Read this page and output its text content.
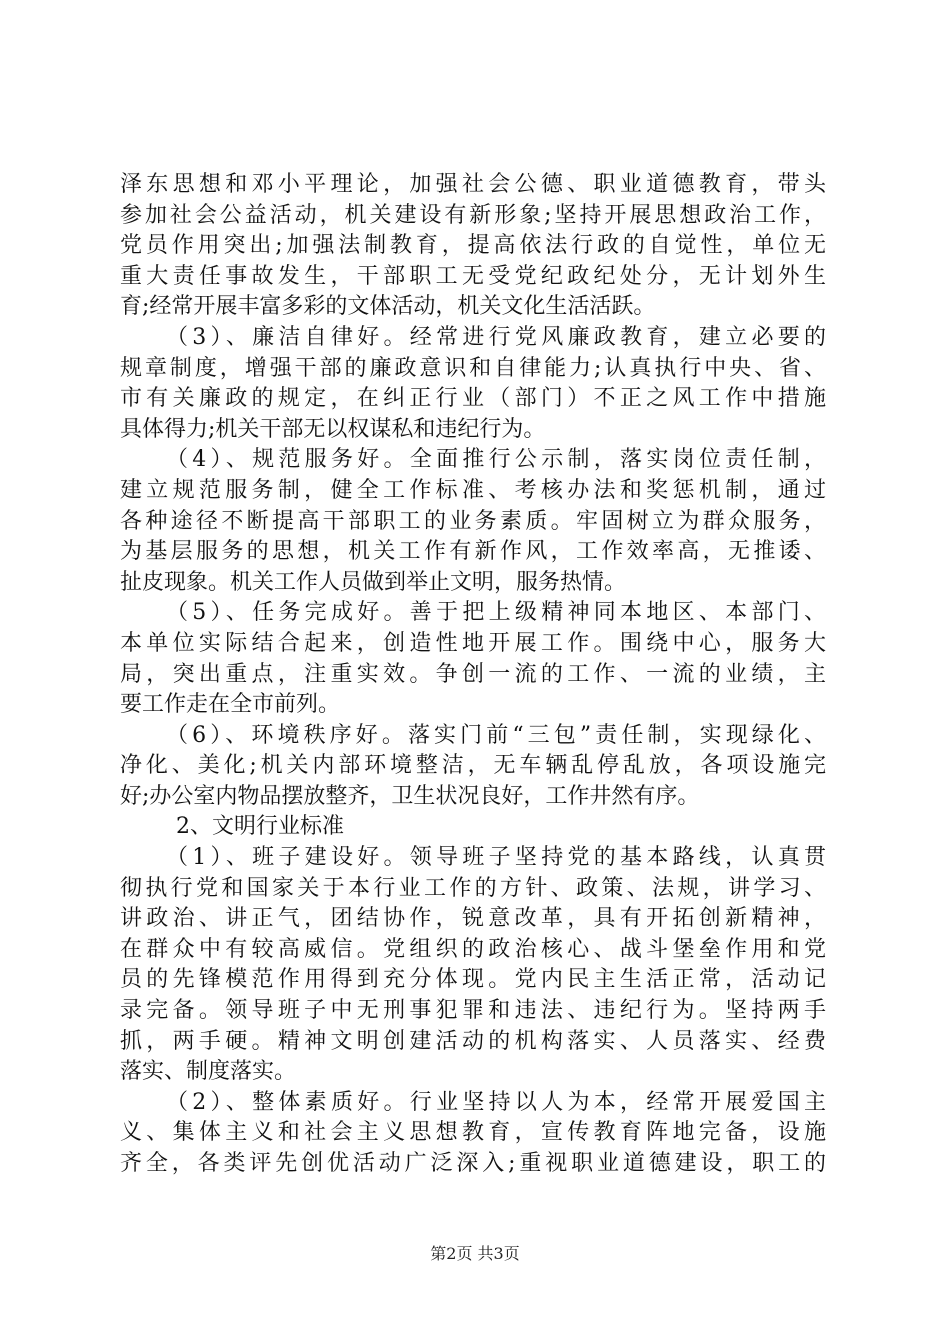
泽东思想和邓小平理论，加强社会公德、职业道德教育，带头
参加社会公益活动，机关建设有新形象;坚持开展思想政治工作，
党员作用突出;加强法制教育，提高依法行政的自觉性，单位无
重大责任事故发生，干部职工无受党纪政纪处分，无计划外生
育;经常开展丰富多彩的文体活动，机关文化生活活跃。
（3）、廉洁自律好。经常进行党风廉政教育，建立必要的
规章制度，增强干部的廉政意识和自律能力;认真执行中央、省、
市有关廉政的规定，在纠正行业（部门）不正之风工作中措施
具体得力;机关干部无以权谋私和违纪行为。
（4）、规范服务好。全面推行公示制，落实岗位责任制，
建立规范服务制，健全工作标准、考核办法和奖惩机制，通过
各种途径不断提高干部职工的业务素质。牢固树立为群众服务，
为基层服务的思想，机关工作有新作风，工作效率高，无推诿、
扯皮现象。机关工作人员做到举止文明，服务热情。
（5）、任务完成好。善于把上级精神同本地区、本部门、
本单位实际结合起来，创造性地开展工作。围绕中心，服务大
局，突出重点，注重实效。争创一流的工作、一流的业绩，主
要工作走在全市前列。
（6）、环境秩序好。落实门前“三包”责任制，实现绿化、
净化、美化;机关内部环境整洁，无车辆乱停乱放，各项设施完
好;办公室内物品摆放整齐，卫生状况良好，工作井然有序。
2、文明行业标准
（1）、班子建设好。领导班子坚持党的基本路线，认真贯
彻执行党和国家关于本行业工作的方针、政策、法规，讲学习、
讲政治、讲正气，团结协作，锐意改革，具有开拓创新精神，
在群众中有较高威信。党组织的政治核心、战斗堡垒作用和党
员的先锋模范作用得到充分体现。党内民主生活正常，活动记
录完备。领导班子中无刑事犯罪和违法、违纪行为。坚持两手
抓，两手硬。精神文明创建活动的机构落实、人员落实、经费
落实、制度落实。
（2）、整体素质好。行业坚持以人为本，经常开展爱国主
义、集体主义和社会主义思想教育，宣传教育阵地完备，设施
齐全，各类评先创优活动广泛深入;重视职业道德建设，职工的
第2页 共3页
